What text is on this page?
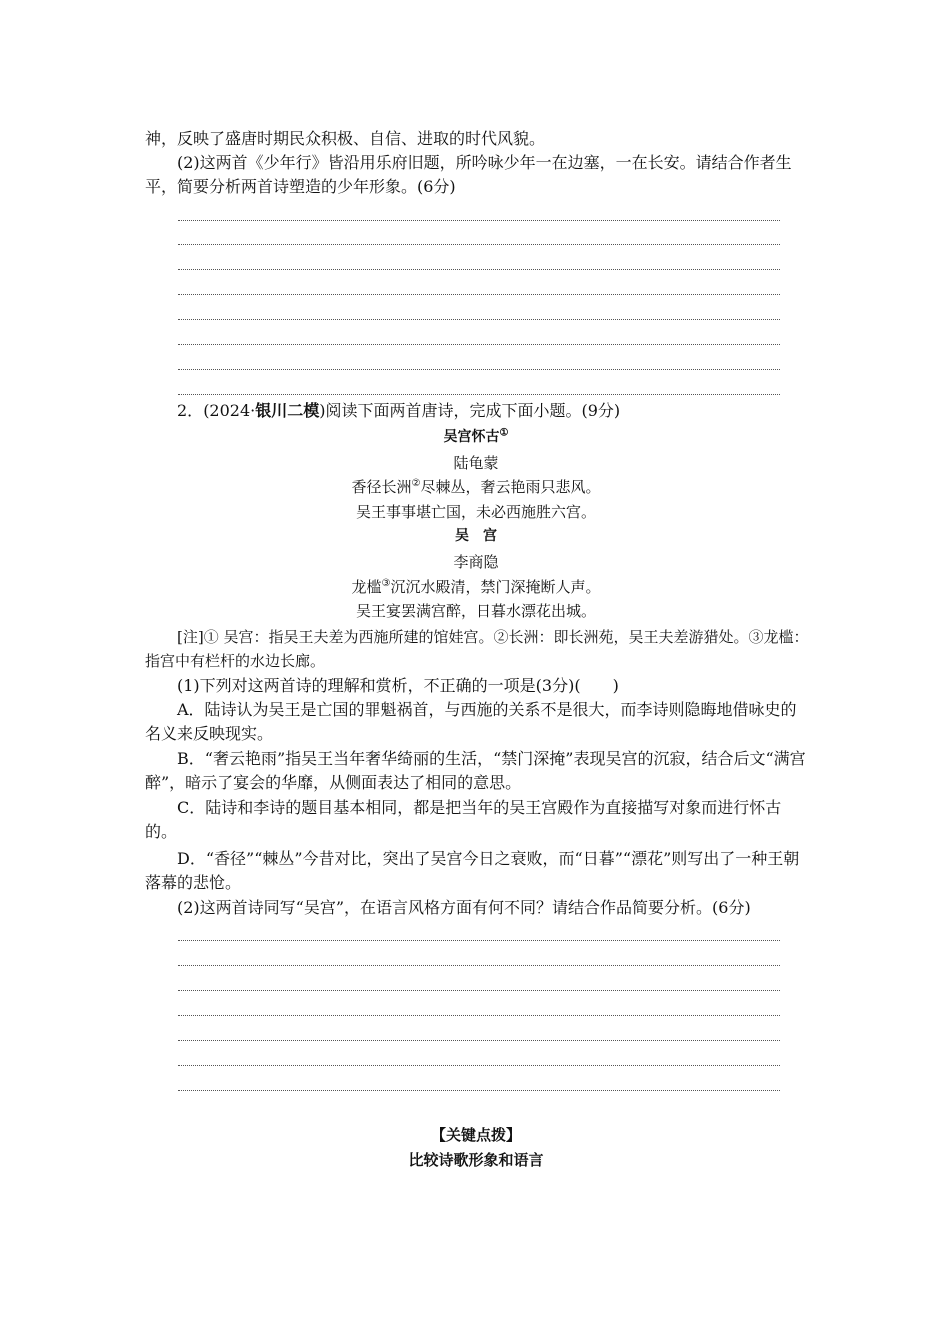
神，反映了盛唐时期民众积极、自信、进取的时代风貌。

(2)这两首《少年行》皆沿用乐府旧题，所吟咏少年一在边塞，一在长安。请结合作者生平，简要分析两首诗塑造的少年形象。(6分)

2．(2024·银川二模)阅读下面两首唐诗，完成下面小题。(9分)

吴宫怀古①

陆龟蒙

香径长洲②尽棘丛，奢云艳雨只悲风。

吴王事事堪亡国，未必西施胜六宫。

吴　宫

李商隐

龙槛③沉沉水殿清，禁门深掩断人声。

吴王宴罢满宫醉，日暮水漂花出城。

[注]① 吴宫：指吴王夫差为西施所建的馆娃宫。②长洲：即长洲苑，吴王夫差游猎处。③龙槛：指宫中有栏杆的水边长廊。

(1)下列对这两首诗的理解和赏析，不正确的一项是(3分)(　　)

A．陆诗认为吴王是亡国的罪魁祸首，与西施的关系不是很大，而李诗则隐晦地借咏史的名义来反映现实。

B．“奢云艳雨”指吴王当年奢华绮丽的生活，“禁门深掩”表现吴宫的沉寂，结合后文“满宫醉”，暗示了宴会的华靡，从侧面表达了相同的意思。

C．陆诗和李诗的题目基本相同，都是把当年的吴王宫殿作为直接描写对象而进行怀古的。

D．“香径”“棘丛”今昔对比，突出了吴宫今日之衰败，而“日暮”“漂花”则写出了一种王朝落幕的悲怆。

(2)这两首诗同写“吴宫”，在语言风格方面有何不同？请结合作品简要分析。(6分)

【关键点拨】

比较诗歌形象和语言
